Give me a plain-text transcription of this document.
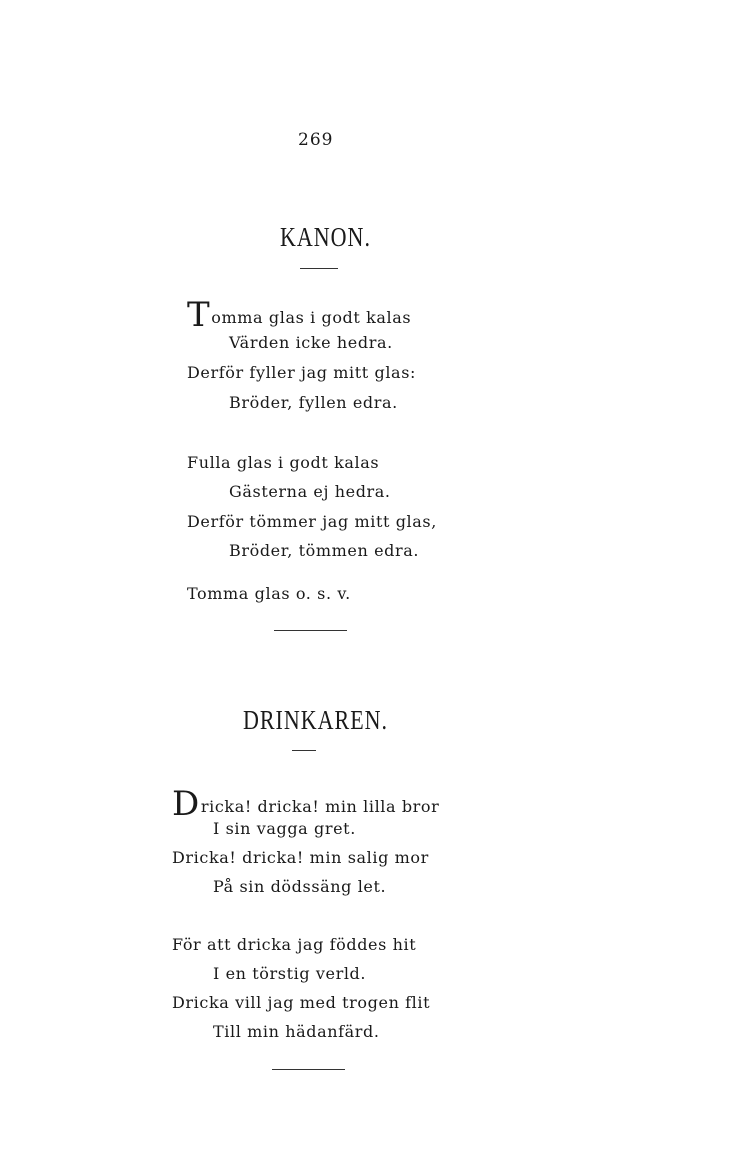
269
KANON.
Tomma glas i godt kalas
Värden icke hedra.
Derför fyller jag mitt glas:
Bröder, fyllen edra.
Fulla glas i godt kalas
Gästerna ej hedra.
Derför tömmer jag mitt glas,
Bröder, tömmen edra.
Tomma glas o. s. v.
DRINKAREN.
Dricka! dricka! min lilla bror
I sin vagga gret.
Dricka! dricka! min salig mor
På sin dödssäng let.
För att dricka jag föddes hit
I en törstig verld.
Dricka vill jag med trogen flit
Till min hädanfärd.
